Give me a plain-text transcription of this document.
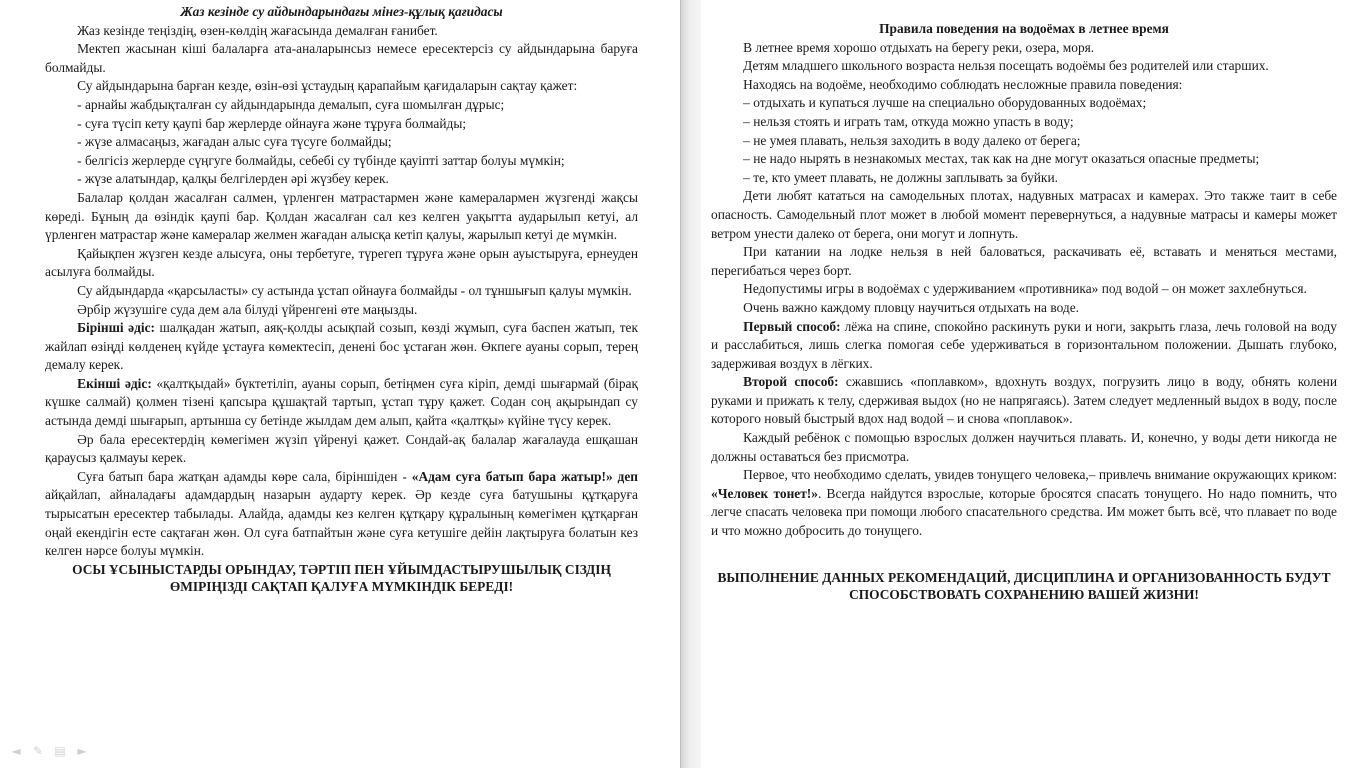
Жаз кезінде су айдындарындағы мінез-құлық қағидасы

Жаз кезінде теңіздің, өзен-көлдің жағасында демалған ғанибет.

Мектеп жасынан кіші балаларға ата-аналарынсыз немесе ересектерсіз су айдындарына баруға болмайды.

Су айдындарына барған кезде, өзін-өзі ұстаудың қарапайым қағидаларын сақтау қажет:

- арнайы жабдықталған су айдындарында демалып, суға шомылған дұрыс;

- суға түсіп кету қаупі бар жерлерде ойнауға және тұруға болмайды;

- жүзе алмасаңыз, жағадан алыс суға түсуге болмайды;

- белгісіз жерлерде сүңгуге болмайды, себебі су түбінде қауіпті заттар болуы мүмкін;

- жүзе алатындар, қалқы белгілерден әрі жүзбеу керек.

Балалар қолдан жасалған салмен, үрленген матрастармен және камералармен жүзгенді жақсы көреді. Бұның да өзіндік қаупі бар. Қолдан жасалған сал кез келген уақытта аударылып кетуі, ал үрленген матрастар және камералар желмен жағадан алысқа кетіп қалуы, жарылып кетуі де мүмкін.

Қайықпен жүзген кезде алысуға, оны тербетуге, түрегеп тұруға және орын ауыстыруға, ернеуден асылуға болмайды.

Су айдындарда «қарсыласты» су астында ұстап ойнауға болмайды - ол тұншығып қалуы мүмкін.

Әрбір жүзушіге суда дем ала білуді үйренгені өте маңызды.

Бірінші әдіс: шалқадан жатып, аяқ-қолды асықпай созып, көзді жұмып, суға баспен жатып, тек жайлап өзіңді көлденең күйде ұстауға көмектесіп, денені бос ұстаған жөн. Өкпеге ауаны сорып, терең демалу керек.

Екінші әдіс: «қалтқыдай» бүктетіліп, ауаны сорып, бетіңмен суға кіріп, демді шығармай (бірақ күшке салмай) қолмен тізені қапсыра құшақтай тартып, ұстап тұру қажет. Содан соң ақырындап су астында демді шығарып, артынша су бетінде жылдам дем алып, қайта «қалтқы» күйіне түсу керек.

Әр бала ересектердің көмегімен жүзіп үйренуі қажет. Сондай-ақ балалар жағалауда ешқашан қараусыз қалмауы керек.

Суға батып бара жатқан адамды көре сала, біріншіден - «Адам суға батып бара жатыр!» деп айқайлап, айналадағы адамдардың назарын аударту керек. Әр кезде суға батушыны құтқаруға тырысатын ересектер табылады. Алайда, адамды кез келген құтқару құралының көмегімен құтқарған оңай екендігін есте сақтаған жөн. Ол суға батпайтын және суға кетушіге дейін лақтыруға болатын кез келген нәрсе болуы мүмкін.

ОСЫ ҰСЫНЫСТАРДЫ ОРЫНДАУ, ТӘРТІП ПЕН ҰЙЫМДАСТЫРУШЫЛЫҚ СІЗДІҢ ӨМІРІҢІЗДІ САҚТАП ҚАЛУҒА МҮМКІНДІК БЕРЕДІ!

◄ ✎ ▤ ►

Правила поведения на водоёмах в летнее время

В летнее время хорошо отдыхать на берегу реки, озера, моря.

Детям младшего школьного возраста нельзя посещать водоёмы без родителей или старших.

Находясь на водоёме, необходимо соблюдать несложные правила поведения:

– отдыхать и купаться лучше на специально оборудованных водоёмах;

– нельзя стоять и играть там, откуда можно упасть в воду;

– не умея плавать, нельзя заходить в воду далеко от берега;

– не надо нырять в незнакомых местах, так как на дне могут оказаться опасные предметы;

– те, кто умеет плавать, не должны заплывать за буйки.

Дети любят кататься на самодельных плотах, надувных матрасах и камерах. Это также таит в себе опасность. Самодельный плот может в любой момент перевернуться, а надувные матрасы и камеры может ветром унести далеко от берега, они могут и лопнуть.

При катании на лодке нельзя в ней баловаться, раскачивать её, вставать и меняться местами, перегибаться через борт.

Недопустимы игры в водоёмах с удерживанием «противника» под водой – он может захлебнуться.

Очень важно каждому пловцу научиться отдыхать на воде.

Первый способ: лёжа на спине, спокойно раскинуть руки и ноги, закрыть глаза, лечь головой на воду и расслабиться, лишь слегка помогая себе удерживаться в горизонтальном положении. Дышать глубоко, задерживая воздух в лёгких.

Второй способ: сжавшись «поплавком», вдохнуть воздух, погрузить лицо в воду, обнять колени руками и прижать к телу, сдерживая выдох (но не напрягаясь). Затем следует медленный выдох в воду, после которого новый быстрый вдох над водой – и снова «поплавок».

Каждый ребёнок с помощью взрослых должен научиться плавать. И, конечно, у воды дети никогда не должны оставаться без присмотра.

Первое, что необходимо сделать, увидев тонущего человека,– привлечь внимание окружающих криком: «Человек тонет!». Всегда найдутся взрослые, которые бросятся спасать тонущего. Но надо помнить, что легче спасать человека при помощи любого спасательного средства. Им может быть всё, что плавает по воде и что можно добросить до тонущего.

ВЫПОЛНЕНИЕ ДАННЫХ РЕКОМЕНДАЦИЙ, ДИСЦИПЛИНА И ОРГАНИЗОВАННОСТЬ БУДУТ СПОСОБСТВОВАТЬ СОХРАНЕНИЮ ВАШЕЙ ЖИЗНИ!
